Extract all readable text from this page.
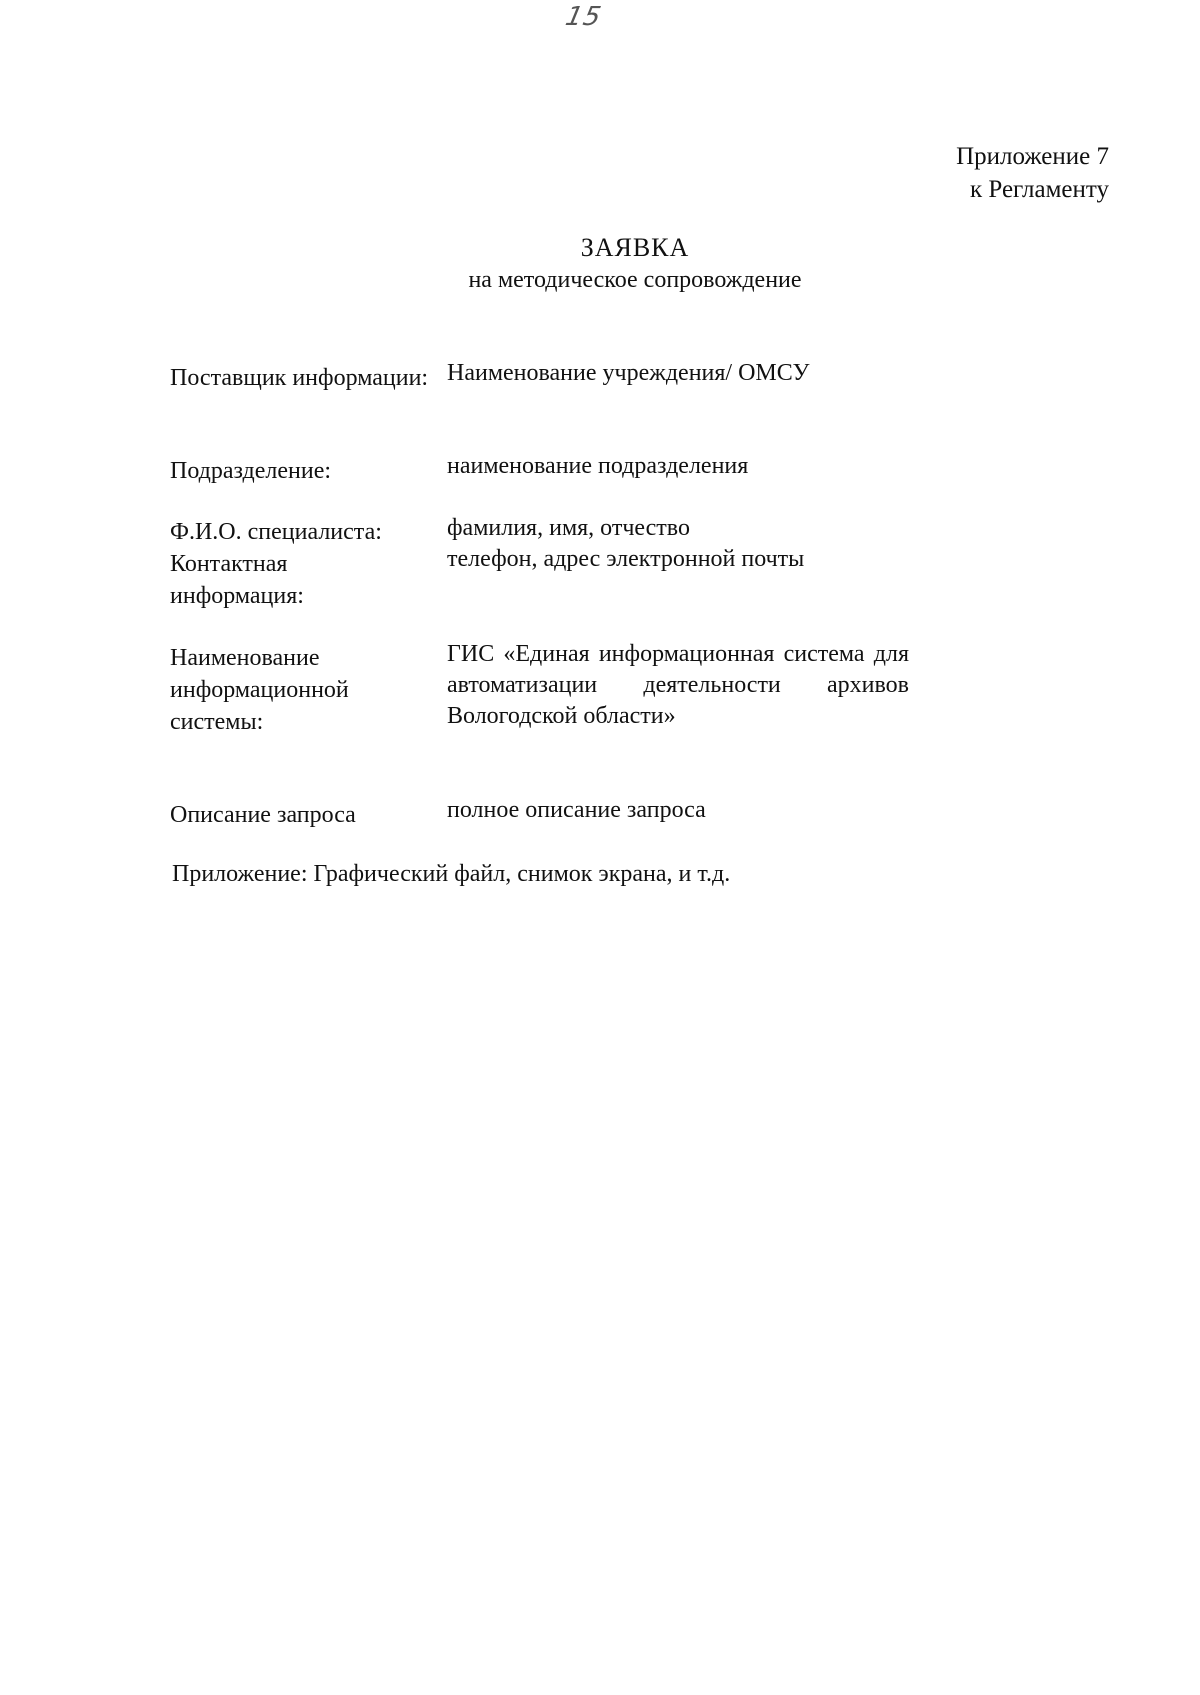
15
Приложение 7
к Регламенту
ЗАЯВКА
на методическое сопровождение
Поставщик информации: Наименование учреждения/ ОМСУ
Подразделение:	наименование подразделения
Ф.И.О. специалиста:	фамилия, имя, отчество
Контактная информация:
телефон, адрес электронной почты
Наименование информационной системы:
ГИС «Единая информационная система для автоматизации деятельности архивов Вологодской области»
Описание запроса	полное описание запроса
Приложение: Графический файл, снимок экрана, и т.д.
